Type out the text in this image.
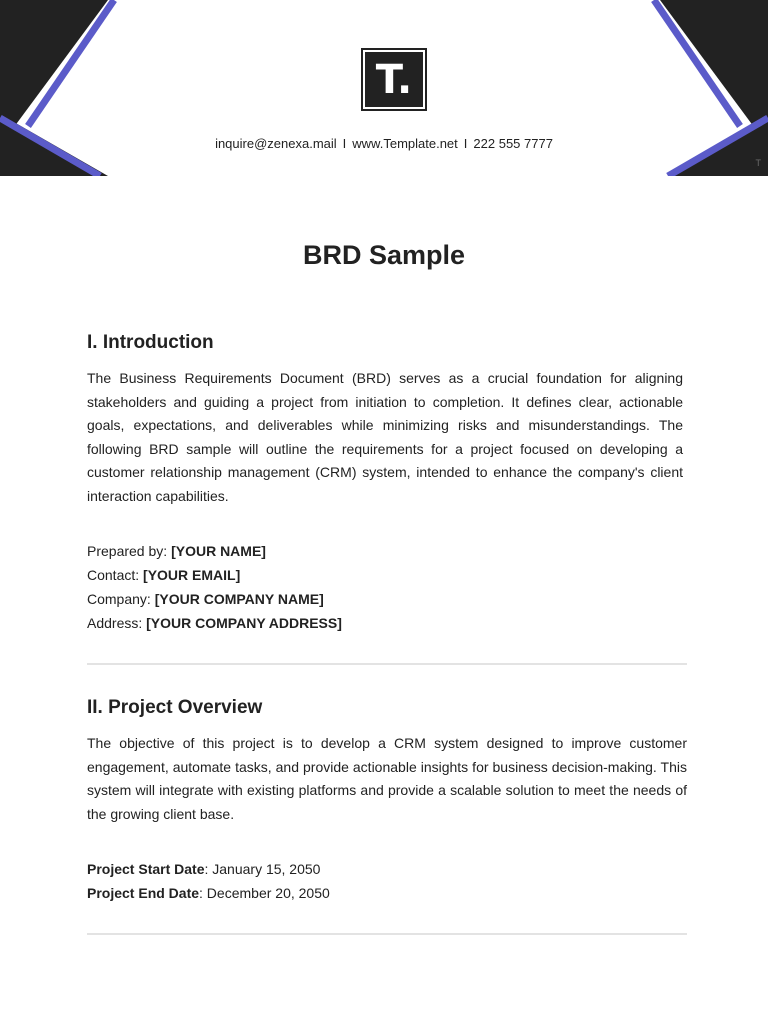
T.
inquire@zenexa.mail I www.Template.net I 222 555 7777
T
BRD Sample
I. Introduction

The Business Requirements Document (BRD) serves as a crucial foundation for aligning stakeholders and guiding a project from initiation to completion. It defines clear, actionable goals, expectations, and deliverables while minimizing risks and misunderstandings. The following BRD sample will outline the requirements for a project focused on developing a customer relationship management (CRM) system, intended to enhance the company's client interaction capabilities.

Prepared by: [YOUR NAME]
Contact: [YOUR EMAIL]
Company: [YOUR COMPANY NAME]
Address: [YOUR COMPANY ADDRESS]
II. Project Overview

The objective of this project is to develop a CRM system designed to improve customer engagement, automate tasks, and provide actionable insights for business decision-making. This system will integrate with existing platforms and provide a scalable solution to meet the needs of the growing client base.

Project Start Date: January 15, 2050
Project End Date: December 20, 2050
